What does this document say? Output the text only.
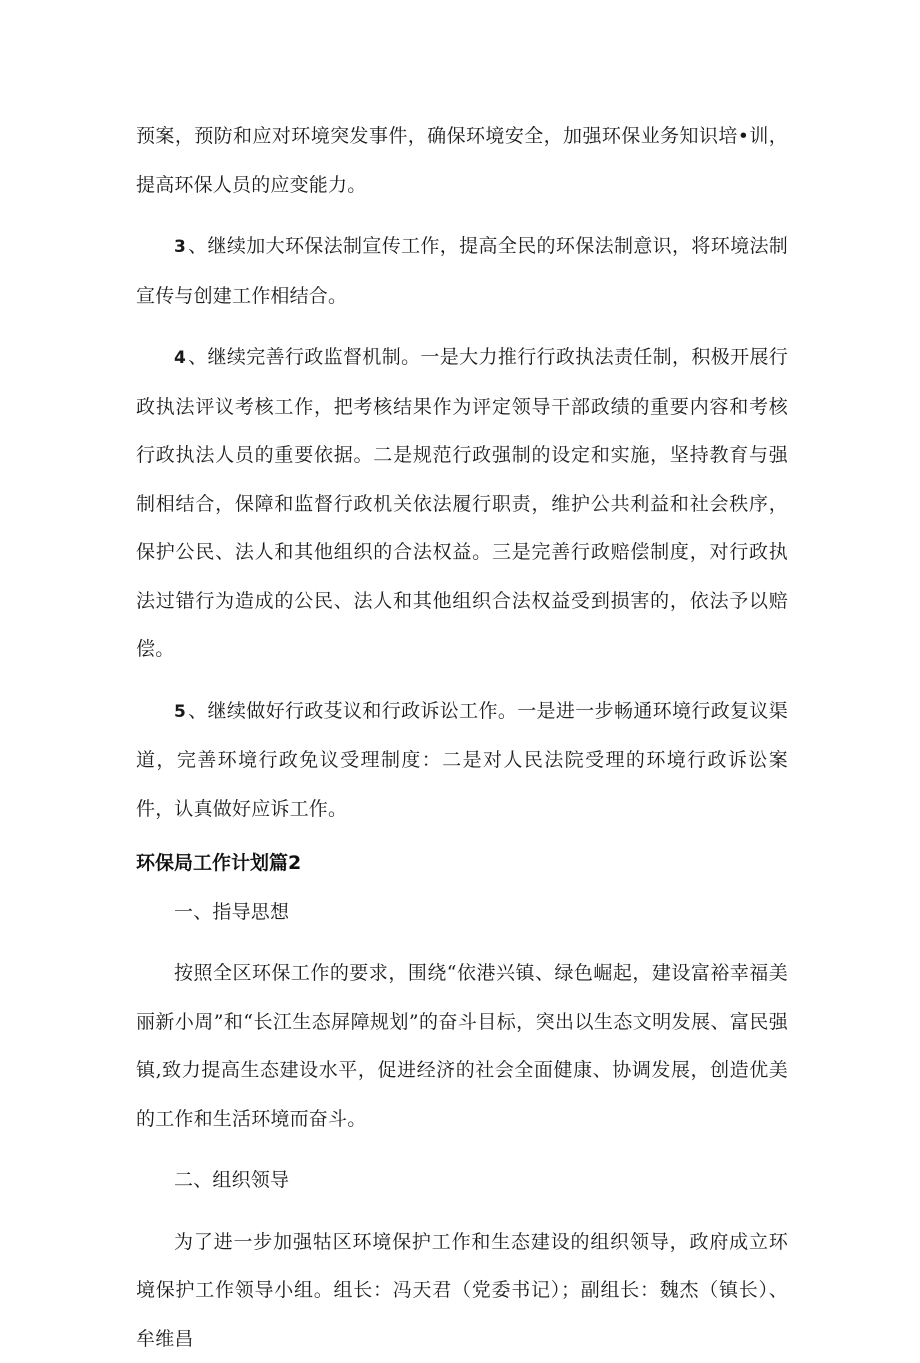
预案，预防和应对环境突发事件，确保环境安全，加强环保业务知识培•训，提高环保人员的应变能力。

3 、继续加大环保法制宣传工作，提高全民的环保法制意识，将环境法制宣传与创建工作相结合。

4 、继续完善行政监督机制。一是大力推行行政执法责任制，积极开展行政执法评议考核工作，把考核结果作为评定领导干部政绩的重要内容和考核行政执法人员的重要依据。二是规范行政强制的设定和实施，坚持教育与强制相结合，保障和监督行政机关依法履行职责，维护公共利益和社会秩序，保护公民、法人和其他组织的合法权益。三是完善行政赔偿制度，对行政执法过错行为造成的公民、法人和其他组织合法权益受到损害的，依法予以赔偿。

5 、继续做好行政芟议和行政诉讼工作。一是进一步畅通环境行政复议渠道，完善环境行政免议受理制度：二是对人民法院受理的环境行政诉讼案件，认真做好应诉工作。

环保局工作计划篇2

一、指导思想

按照全区环保工作的要求，围绕“依港兴镇、绿色崛起，建设富裕幸福美丽新小周”和“长江生态屏障规划”的奋斗目标，突出以生态文明发展、富民强镇,致力提高生态建设水平，促进经济的社会全面健康、协调发展，创造优美的工作和生活环境而奋斗。

二、组织领导

为了进一步加强牯区环境保护工作和生态建设的组织领导，政府成立环境保护工作领导小组。组长：冯天君（党委书记）；副组长：魏杰（镇长）、牟维昌
